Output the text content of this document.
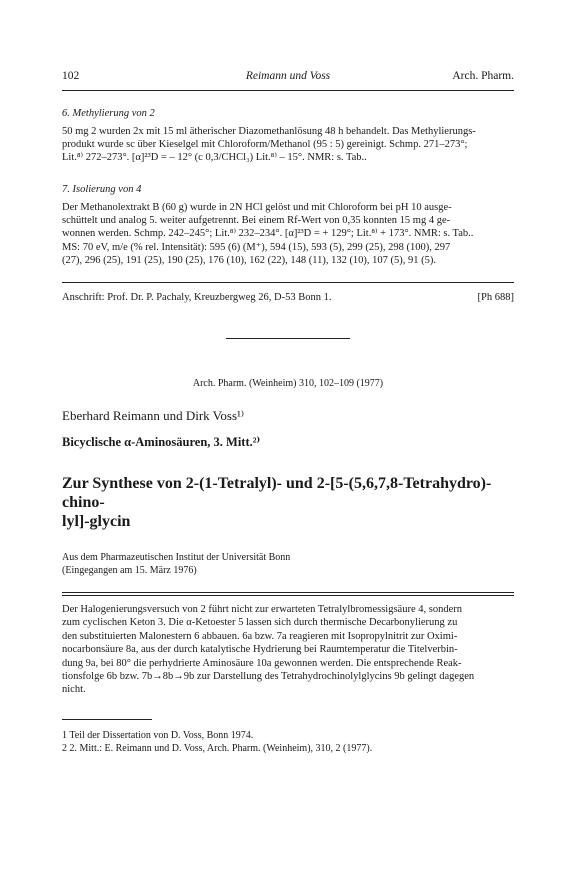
102	Reimann und Voss	Arch. Pharm.
6. Methylierung von 2
50 mg 2 wurden 2x mit 15 ml ätherischer Diazomethanlösung 48 h behandelt. Das Methylierungs-
produkt wurde sc über Kieselgel mit Chloroform/Methanol (95 : 5) gereinigt. Schmp. 271–273°;
Lit.⁸⁾ 272–273°. [α]²³D = – 12° (c 0,3/CHCl₃) Lit.⁸⁾ – 15°. NMR: s. Tab..
7. Isolierung von 4
Der Methanolextrakt B (60 g) wurde in 2N HCl gelöst und mit Chloroform bei pH 10 ausge-
schüttelt und analog 5. weiter aufgetrennt. Bei einem Rf-Wert von 0,35 konnten 15 mg 4 ge-
wonnen werden. Schmp. 242–245°; Lit.⁸⁾ 232–234°. [α]²³D = + 129°; Lit.⁸⁾ + 173°. NMR: s. Tab..
MS: 70 eV, m/e (% rel. Intensität): 595 (6) (M⁺), 594 (15), 593 (5), 299 (25), 298 (100), 297
(27), 296 (25), 191 (25), 190 (25), 176 (10), 162 (22), 148 (11), 132 (10), 107 (5), 91 (5).
Anschrift: Prof. Dr. P. Pachaly, Kreuzbergweg 26, D-53 Bonn 1.	[Ph 688]
Arch. Pharm. (Weinheim) 310, 102–109 (1977)
Eberhard Reimann und Dirk Voss¹⁾
Bicyclische α-Aminosäuren, 3. Mitt.²⁾
Zur Synthese von 2-(1-Tetralyl)- und 2-[5-(5,6,7,8-Tetrahydro)-chino-
lyl]-glycin
Aus dem Pharmazeutischen Institut der Universität Bonn
(Eingegangen am 15. März 1976)
Der Halogenierungsversuch von 2 führt nicht zur erwarteten Tetralylbromessigsäure 4, sondern
zum cyclischen Keton 3. Die α-Ketoester 5 lassen sich durch thermische Decarbonylierung zu
den substituierten Malonestern 6 abbauen. 6a bzw. 7a reagieren mit Isopropylnitrit zur Oximi-
nocarbonsäure 8a, aus der durch katalytische Hydrierung bei Raumtemperatur die Titelverbin-
dung 9a, bei 80° die perhydrierte Aminosäure 10a gewonnen werden. Die entsprechende Reak-
tionsfolge 6b bzw. 7b→8b→9b zur Darstellung des Tetrahydrochinolylglycins 9b gelingt dagegen
nicht.
1 Teil der Dissertation von D. Voss, Bonn 1974.
2 2. Mitt.: E. Reimann und D. Voss, Arch. Pharm. (Weinheim), 310, 2 (1977).
